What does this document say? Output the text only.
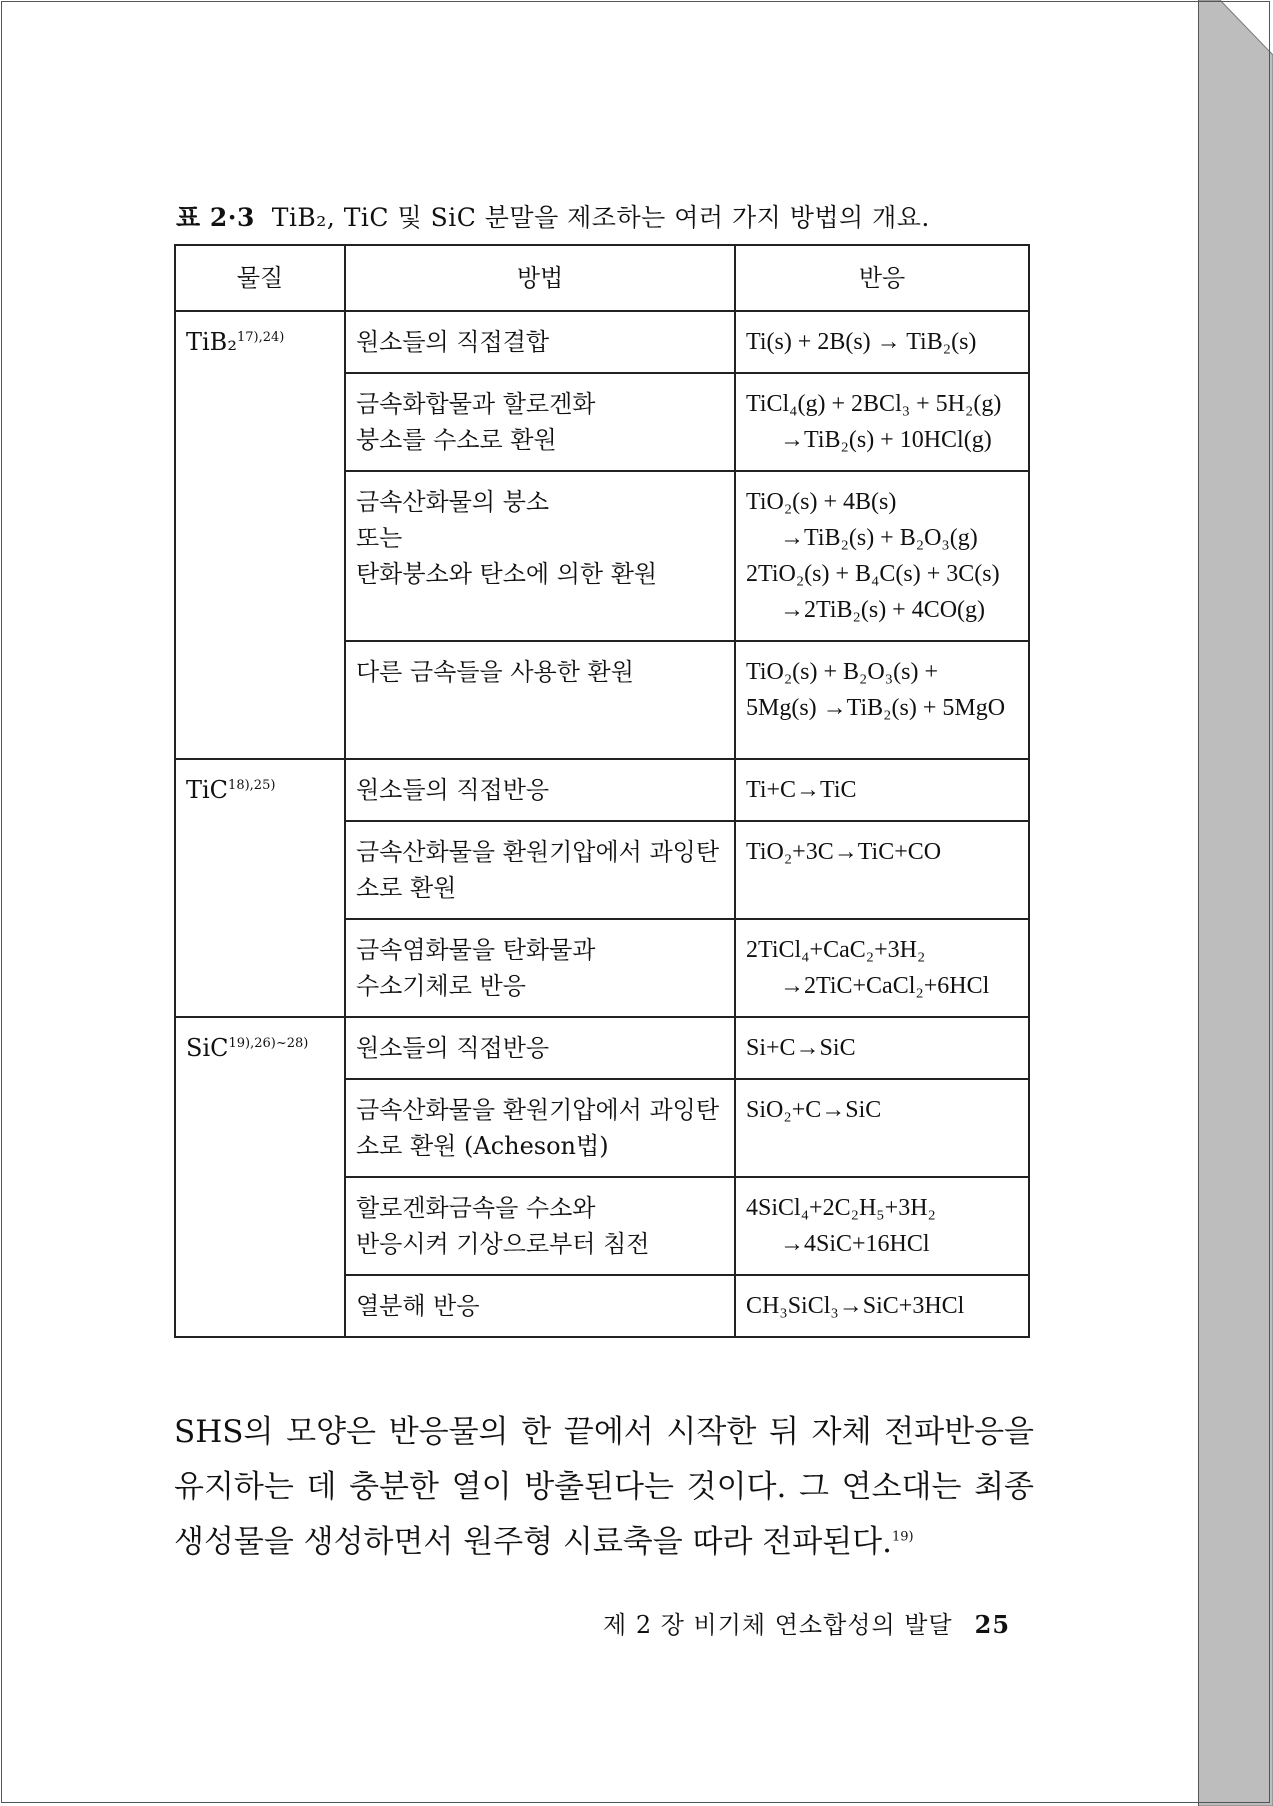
표 2·3 TiB₂, TiC 및 SiC 분말을 제조하는 여러 가지 방법의 개요.
물질	방법	반응
TiB₂$^{17),24)}$	원소들의 직접결합	Ti(s) + 2B(s) → TiB₂(s)

	금속화합물과 할로겐화
붕소를 수소로 환원	TiCl₄(g) + 2BCl₃ + 5H₂(g)
→TiB₂(s) + 10HCl(g)

	금속산화물의 붕소
또는
탄화붕소와 탄소에 의한 환원	TiO₂(s) + 4B(s)
→TiB₂(s) + B₂O₃(g)
2TiO₂(s) + B₄C(s) + 3C(s)
→2TiB₂(s) + 4CO(g)

	다른 금속들을 사용한 환원	TiO₂(s) + B₂O₃(s) +
5Mg(s) →TiB₂(s) + 5MgO

TiC$^{18),25)}$	원소들의 직접반응	Ti+C→TiC

	금속산화물을 환원기압에서 과잉탄
소로 환원	TiO₂+3C→TiC+CO

	금속염화물을 탄화물과
수소기체로 반응	2TiCl₄+CaC₂+3H₂
→2TiC+CaCl₂+6HCl

SiC$^{19),26)\sim 28)}$	원소들의 직접반응	Si+C→SiC

	금속산화물을 환원기압에서 과잉탄
소로 환원 (Acheson법)	SiO₂+C→SiC

	할로겐화금속을 수소와
반응시켜 기상으로부터 침전	4SiCl₄+2C₂H₅+3H₂
→4SiC+16HCl

	열분해 반응	CH₃SiCl₃→SiC+3HCl
SHS의 모양은 반응물의 한 끝에서 시작한 뒤 자체 전파반응을 유지하는 데 충분한 열이 방출된다는 것이다. 그 연소대는 최종 생성물을 생성하면서 원주형 시료축을 따라 전파된다.$^{19)}$
제 2 장 비기체 연소합성의 발달 25
